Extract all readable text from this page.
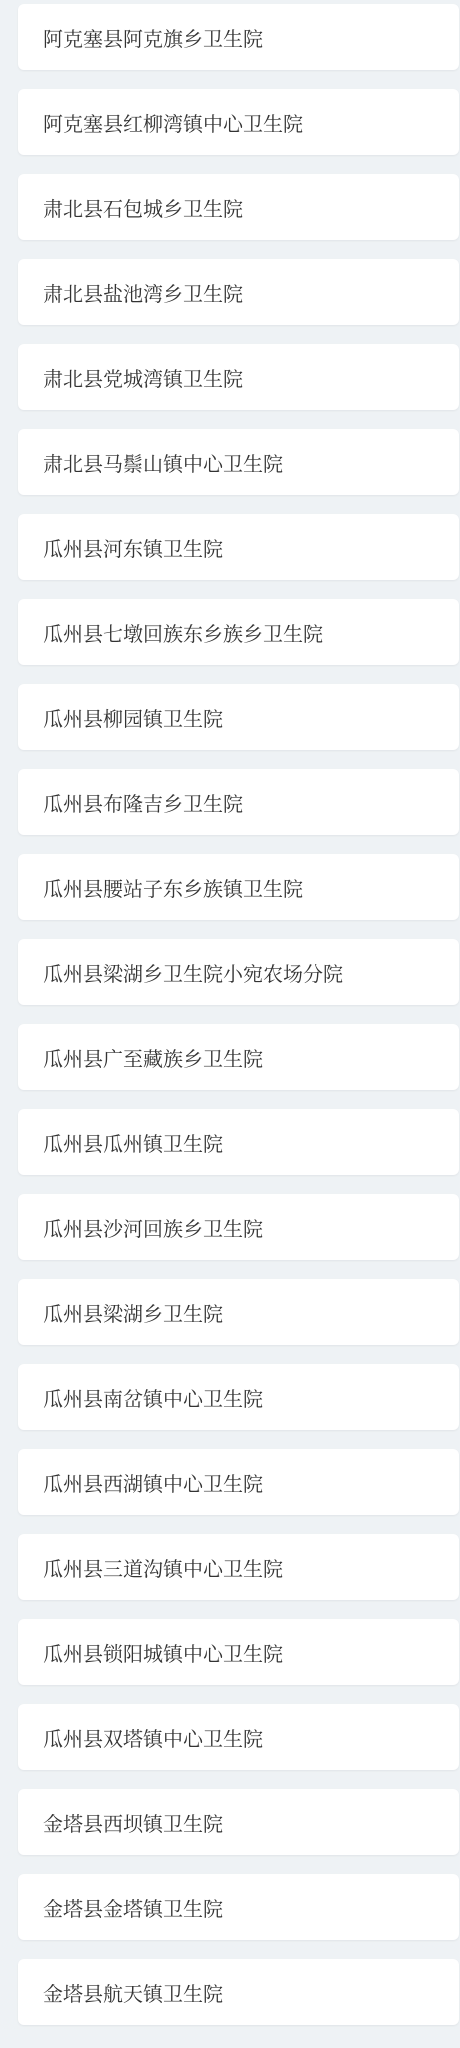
阿克塞县阿克旗乡卫生院
阿克塞县红柳湾镇中心卫生院
肃北县石包城乡卫生院
肃北县盐池湾乡卫生院
肃北县党城湾镇卫生院
肃北县马鬃山镇中心卫生院
瓜州县河东镇卫生院
瓜州县七墩回族东乡族乡卫生院
瓜州县柳园镇卫生院
瓜州县布隆吉乡卫生院
瓜州县腰站子东乡族镇卫生院
瓜州县梁湖乡卫生院小宛农场分院
瓜州县广至藏族乡卫生院
瓜州县瓜州镇卫生院
瓜州县沙河回族乡卫生院
瓜州县梁湖乡卫生院
瓜州县南岔镇中心卫生院
瓜州县西湖镇中心卫生院
瓜州县三道沟镇中心卫生院
瓜州县锁阳城镇中心卫生院
瓜州县双塔镇中心卫生院
金塔县西坝镇卫生院
金塔县金塔镇卫生院
金塔县航天镇卫生院
